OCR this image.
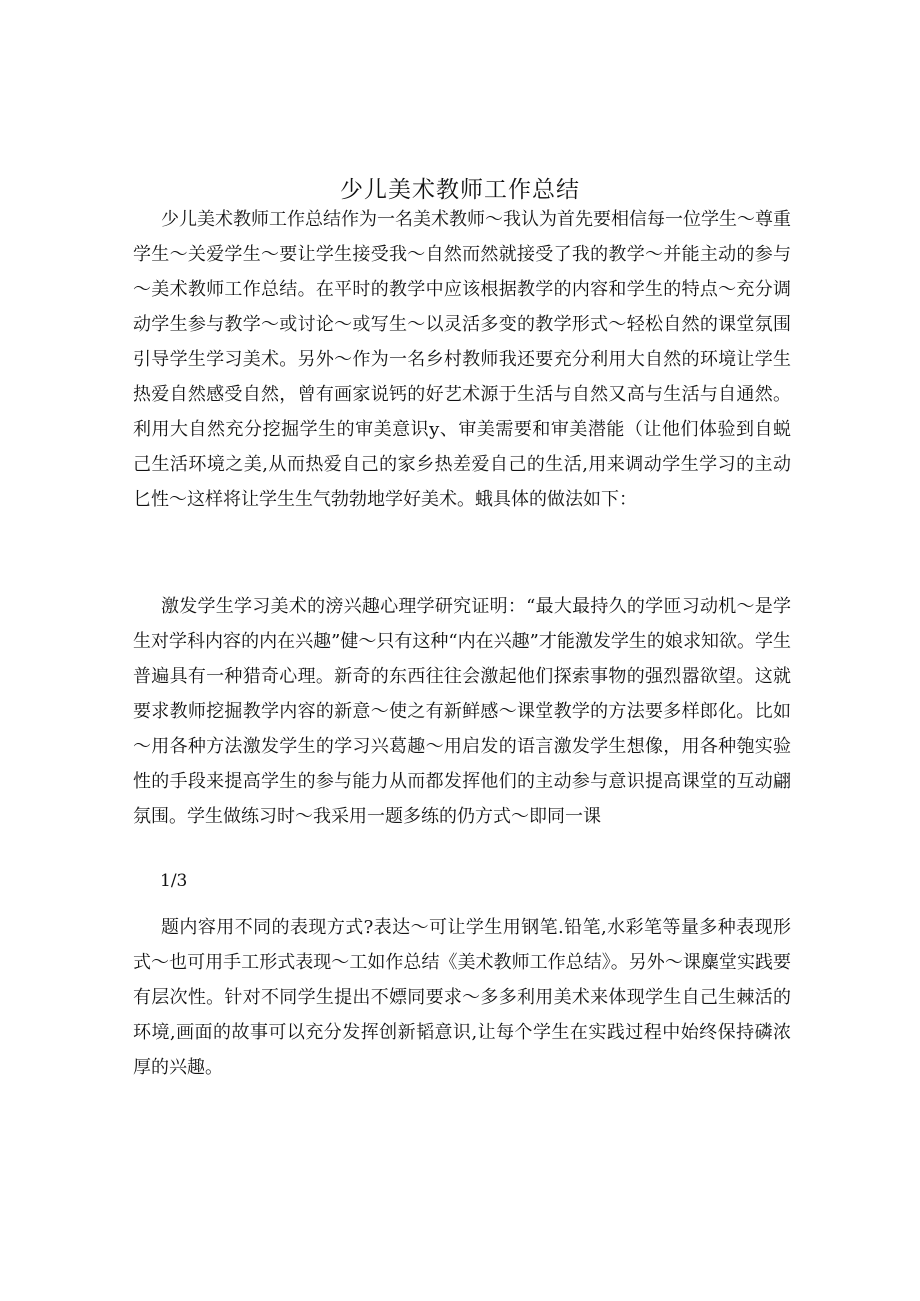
少儿美术教师工作总结
少儿美术教师工作总结作为一名美术教师～我认为首先要相信每一位学生～尊重学生～关爱学生～要让学生接受我～自然而然就接受了我的教学～并能主动的参与～美术教师工作总结。在平时的教学中应该根据教学的内容和学生的特点～充分调动学生参与教学～或讨论～或写生～以灵活多变的教学形式～轻松自然的课堂氛围引导学生学习美术。另外～作为一名乡村教师我还要充分利用大自然的环境让学生热爱自然感受自然，曾有画家说钙的好艺术源于生活与自然又高与生活与自通然。利用大自然充分挖掘学生的审美意识y、审美需要和审美潜能（让他们体验到自蜕己生活环境之美,从而热爱自己的家乡热差爱自己的生活,用来调动学生学习的主动匕性～这样将让学生生气勃勃地学好美术。蛾具体的做法如下：
激发学生学习美术的滂兴趣心理学研究证明：“最大最持久的学匝习动机～是学生对学科内容的内在兴趣”健～只有这种“内在兴趣”才能激发学生的娘求知欲。学生普遍具有一种猎奇心理。新奇的东西往往会激起他们探索事物的强烈嚣欲望。这就要求教师挖掘教学内容的新意～使之有新鲜感～课堂教学的方法要多样郎化。比如～用各种方法激发学生的学习兴葛趣～用启发的语言激发学生想像，用各种匏实验性的手段来提高学生的参与能力从而都发挥他们的主动参与意识提高课堂的互动翩氛围。学生做练习时～我采用一题多练的仍方式～即同一课
1/3
题内容用不同的表现方式?表达～可让学生用钢笔.铅笔,水彩笔等量多种表现形式～也可用手工形式表现～工如作总结《美术教师工作总结》。另外～课麋堂实践要有层次性。针对不同学生提出不嫖同要求～多多利用美术来体现学生自己生棘活的环境,画面的故事可以充分发挥创新韬意识,让每个学生在实践过程中始终保持磷浓厚的兴趣。
